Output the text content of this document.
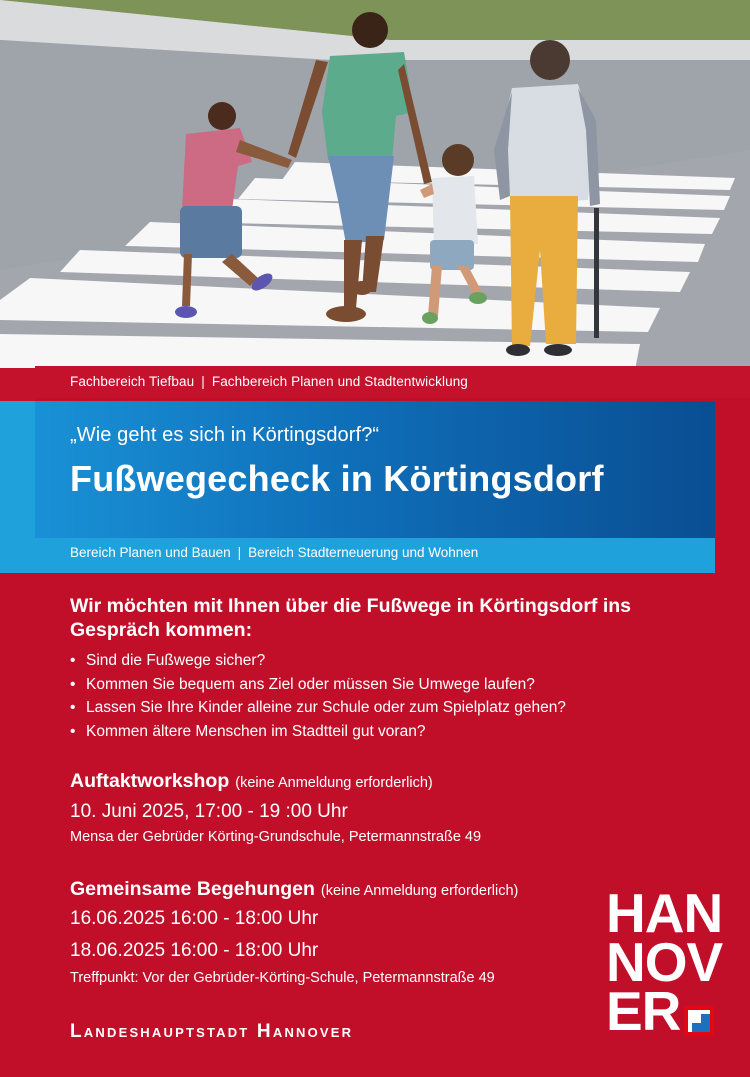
Fachbereich Tiefbau | Fachbereich Planen und Stadtentwicklung
„Wie geht es sich in Körtingsdorf?“
Fußwegecheck in Körtingsdorf
Bereich Planen und Bauen | Bereich Stadterneuerung und Wohnen
Wir möchten mit Ihnen über die Fußwege in Körtingsdorf ins Gespräch kommen:
• Sind die Fußwege sicher?
• Kommen Sie bequem ans Ziel oder müssen Sie Umwege laufen?
• Lassen Sie Ihre Kinder alleine zur Schule oder zum Spielplatz gehen?
• Kommen ältere Menschen im Stadtteil gut voran?
Auftaktworkshop (keine Anmeldung erforderlich)
10. Juni 2025, 17:00 - 19 :00 Uhr
Mensa der Gebrüder Körting-Grundschule, Petermannstraße 49
Gemeinsame Begehungen (keine Anmeldung erforderlich)
16.06.2025 16:00 - 18:00 Uhr
18.06.2025 16:00 - 18:00 Uhr
Treffpunkt: Vor der Gebrüder-Körting-Schule, Petermannstraße 49
Landeshauptstadt Hannover
HAN
NOV
ER
